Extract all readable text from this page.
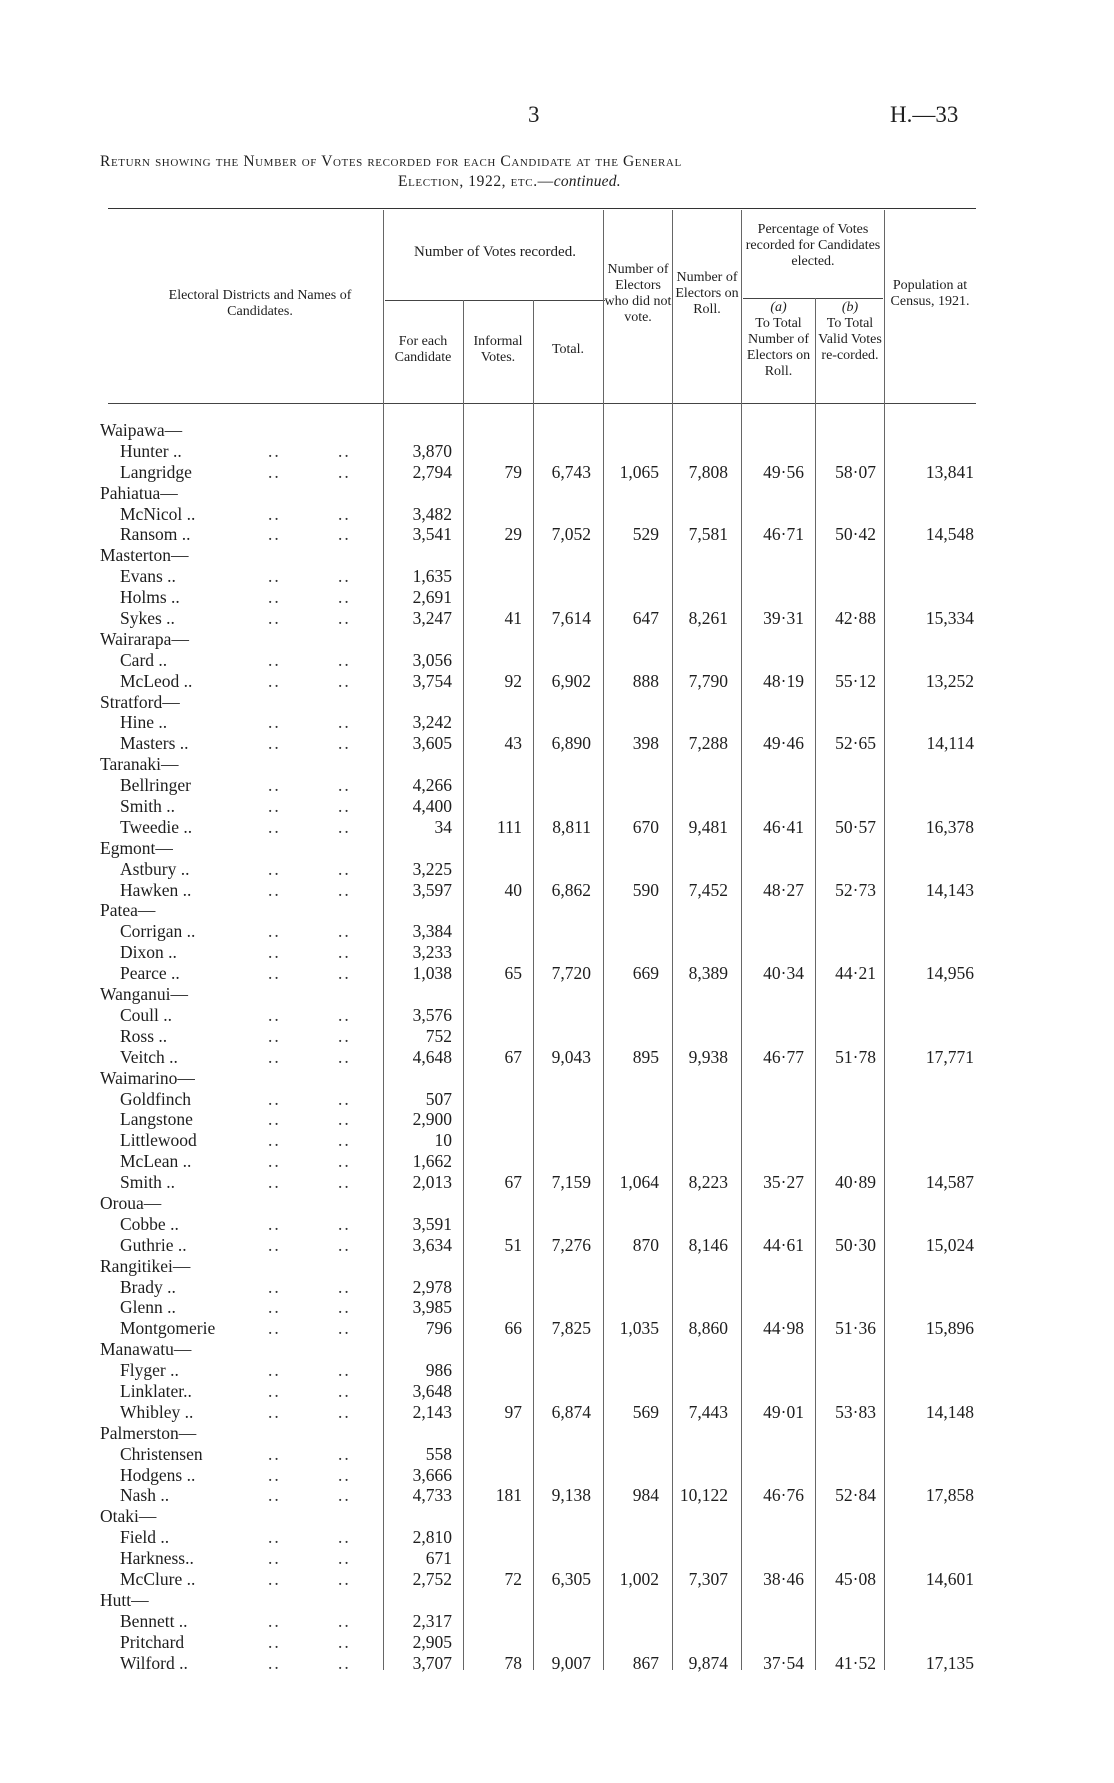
3	H.—33
Return showing the Number of Votes recorded for each Candidate at the General
Election, 1922, etc.—continued.
Electoral Districts and Names of Candidates.
Number of Votes recorded.
For each Candidate
Informal Votes.
Total.
Number of Electors who did not vote.
Number of Electors on Roll.
Percentage of Votes recorded for Candidates elected.
(a)
To Total Number of Electors on Roll.
(b)
To Total Valid Votes re-corded.
Population at Census, 1921.
Waipawa—
Hunter ..	..	..	3,870
Langridge	..	..	2,794	79 6,743 1,065 7,808 49·56 58·07	13,841
Pahiatua—
McNicol ..	..	..	3,482
Ransom ..	..	..	3,541	29 7,052 529 7,581 46·71 50·42	14,548
Masterton—
Evans ..	..	..	1,635
Holms ..	..	..	2,691
Sykes ..	..	..	3,247	41 7,614 647 8,261 39·31 42·88	15,334
Wairarapa—
Card ..	..	..	3,056
McLeod ..	..	..	3,754	92 6,902 888 7,790 48·19 55·12	13,252
Stratford—
Hine ..	..	..	3,242
Masters ..	..	..	3,605	43 6,890 398 7,288 49·46 52·65	14,114
Taranaki—
Bellringer	..	..	4,266
Smith ..	..	..	4,400
Tweedie ..	..	..	34	111 8,811 670 9,481 46·41 50·57	16,378
Egmont—
Astbury ..	..	..	3,225
Hawken ..	..	..	3,597	40 6,862 590 7,452 48·27 52·73	14,143
Patea—
Corrigan ..	..	..	3,384
Dixon ..	..	..	3,233
Pearce ..	..	..	1,038	65 7,720 669 8,389 40·34 44·21	14,956
Wanganui—
Coull ..	..	..	3,576
Ross ..	..	..	752
Veitch ..	..	..	4,648	67 9,043 895 9,938 46·77 51·78	17,771
Waimarino—
Goldfinch	..	..	507
Langstone	..	..	2,900
Littlewood	..	..	10
McLean ..	..	..	1,662
Smith ..	..	..	2,013	67 7,159 1,064 8,223 35·27 40·89	14,587
Oroua—
Cobbe ..	..	..	3,591
Guthrie ..	..	..	3,634	51 7,276 870 8,146 44·61 50·30	15,024
Rangitikei—
Brady ..	..	..	2,978
Glenn ..	..	..	3,985
Montgomerie	..	..	796	66 7,825 1,035 8,860 44·98 51·36	15,896
Manawatu—
Flyger ..	..	..	986
Linklater..	..	..	3,648
Whibley ..	..	..	2,143	97 6,874 569 7,443 49·01 53·83	14,148
Palmerston—
Christensen	..	..	558
Hodgens ..	..	..	3,666
Nash ..	..	..	4,733	181 9,138 984 10,122 46·76 52·84	17,858
Otaki—
Field ..	..	..	2,810
Harkness..	..	..	671
McClure ..	..	..	2,752	72 6,305 1,002 7,307 38·46 45·08	14,601
Hutt—
Bennett ..	..	..	2,317
Pritchard	..	..	2,905
Wilford ..	..	..	3,707	78 9,007 867 9,874 37·54 41·52	17,135
